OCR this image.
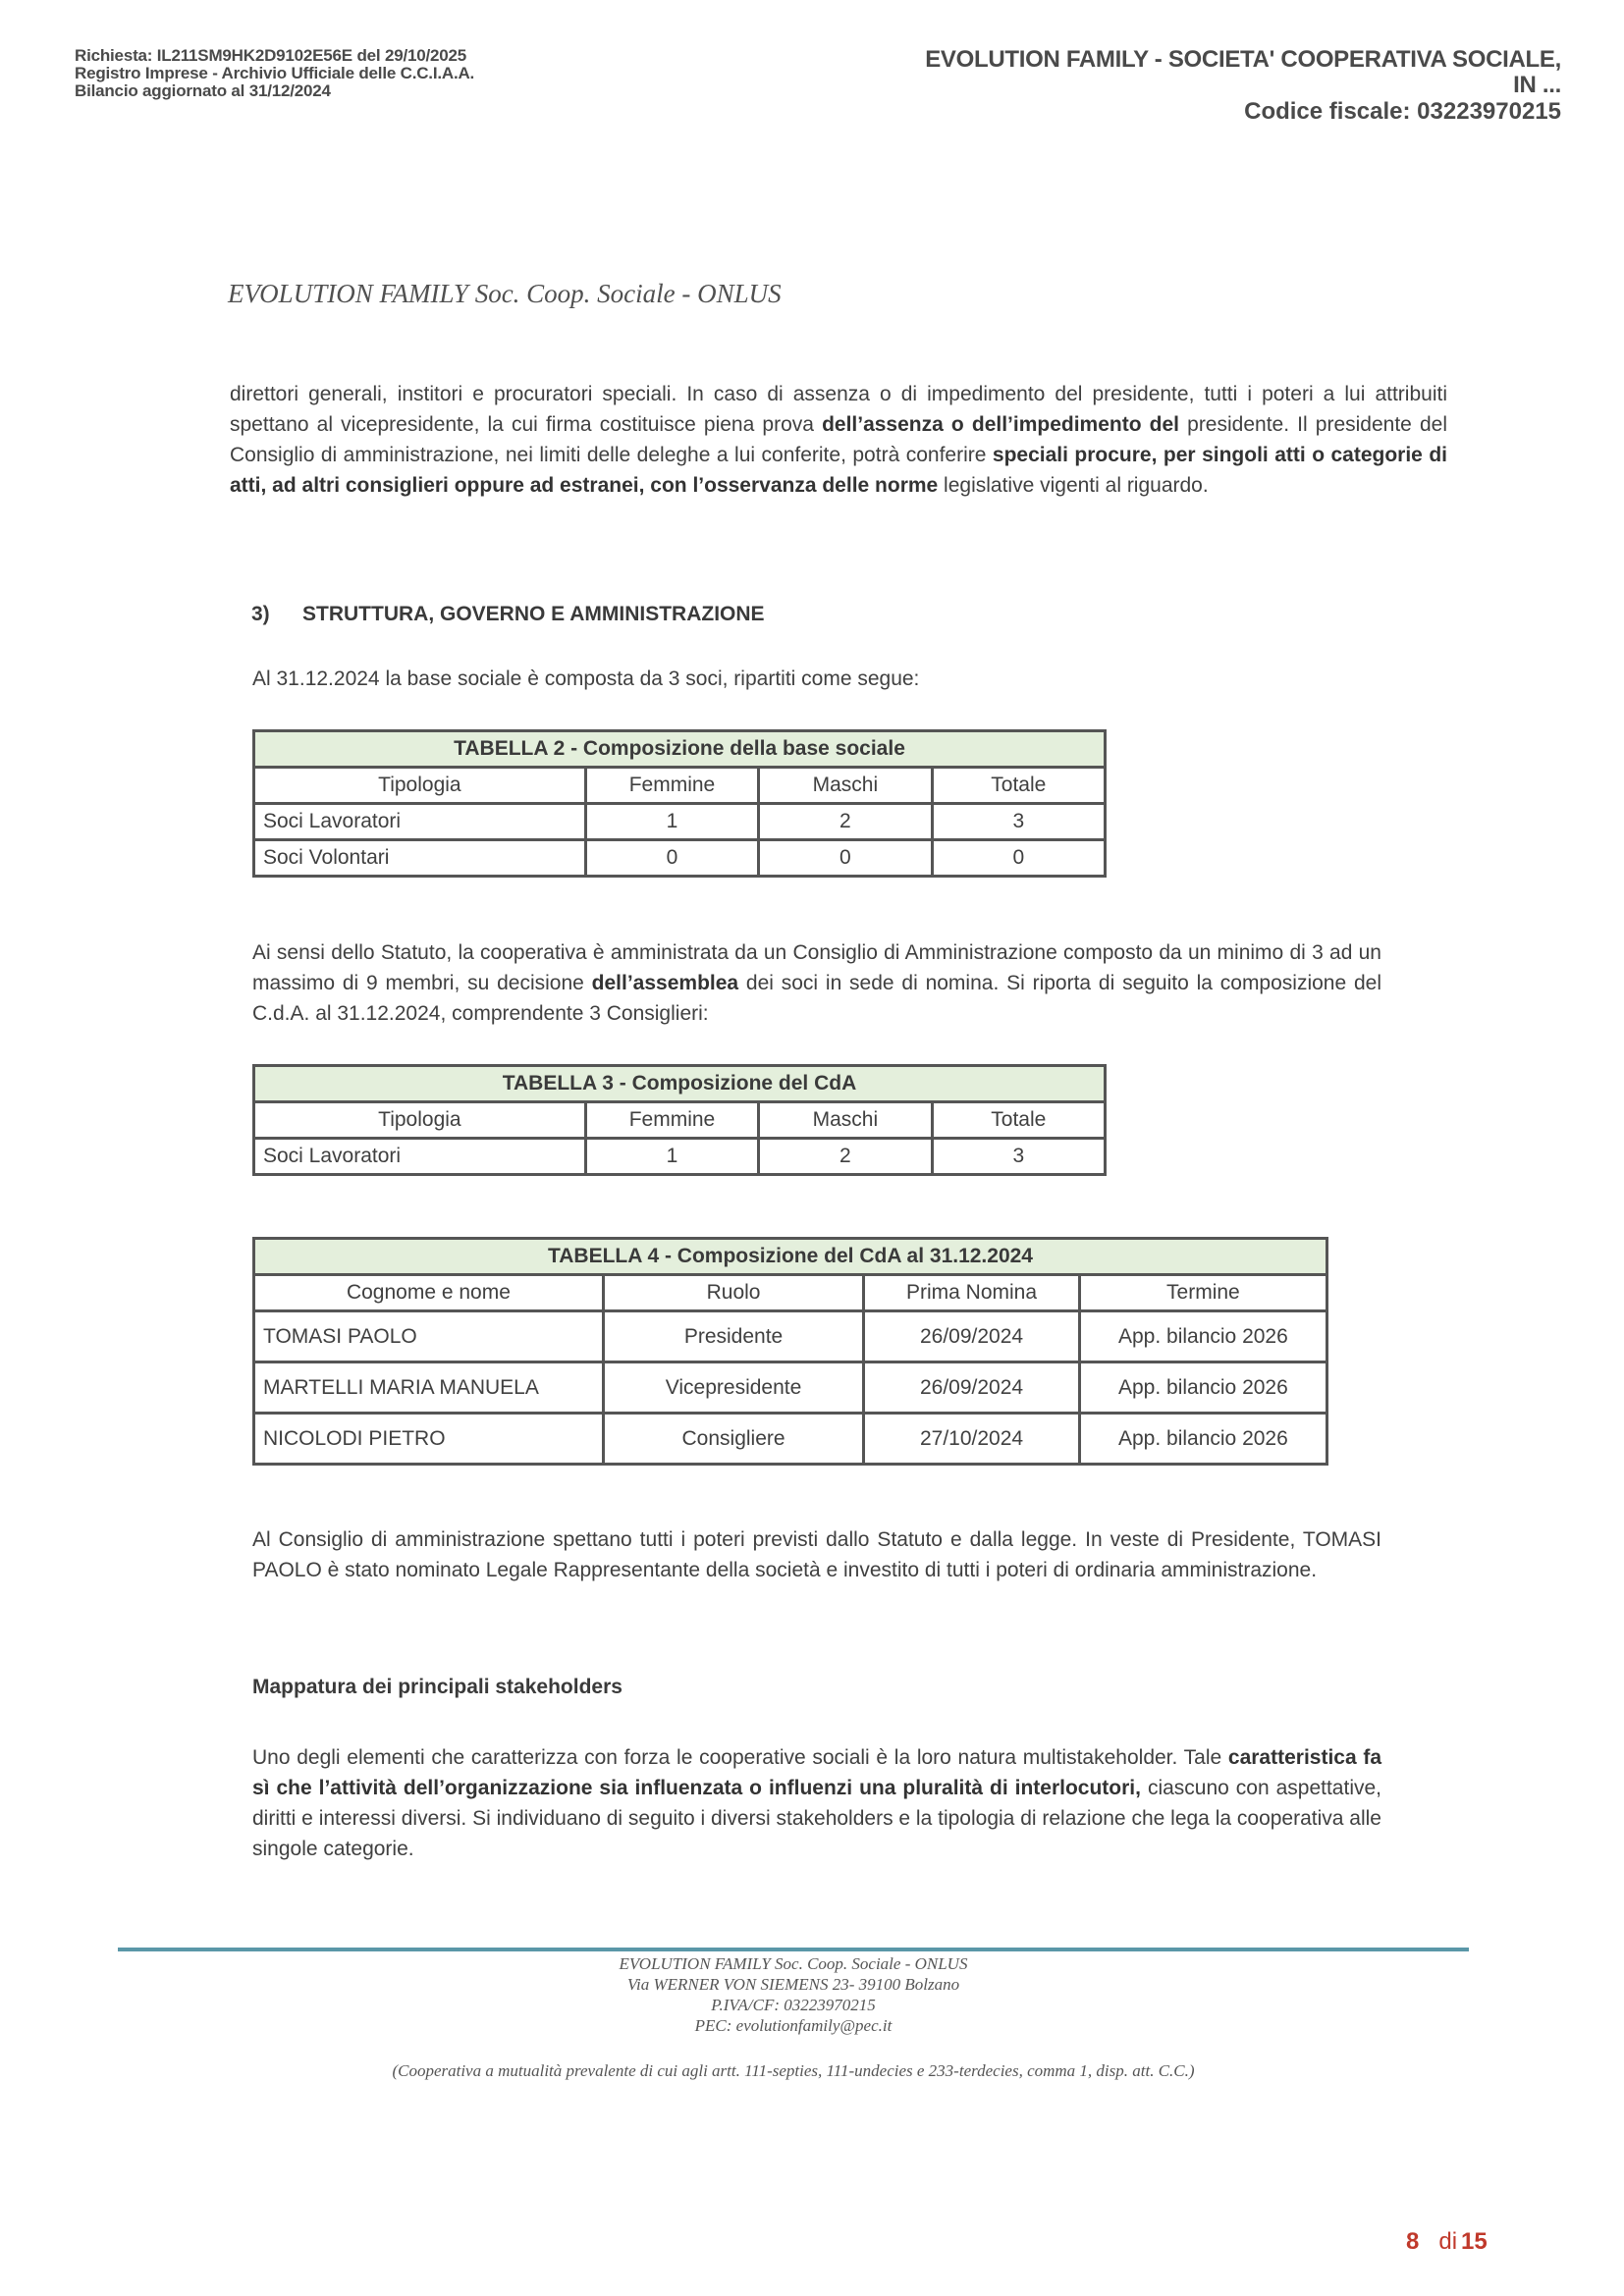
Richiesta: IL211SM9HK2D9102E56E del 29/10/2025
Registro Imprese - Archivio Ufficiale delle C.C.I.A.A.
Bilancio aggiornato al 31/12/2024
EVOLUTION FAMILY - SOCIETA' COOPERATIVA SOCIALE,
IN ...
Codice fiscale: 03223970215
EVOLUTION FAMILY Soc. Coop. Sociale - ONLUS
direttori generali, institori e procuratori speciali. In caso di assenza o di impedimento del presidente, tutti i poteri a lui attribuiti spettano al vicepresidente, la cui firma costituisce piena prova dell’assenza o dell’impedimento del presidente. Il presidente del Consiglio di amministrazione, nei limiti delle deleghe a lui conferite, potrà conferire speciali procure, per singoli atti o categorie di atti, ad altri consiglieri oppure ad estranei, con l’osservanza delle norme legislative vigenti al riguardo.
3) STRUTTURA, GOVERNO E AMMINISTRAZIONE
Al 31.12.2024 la base sociale è composta da 3 soci, ripartiti come segue:
TABELLA 2 - Composizione della base sociale			
Tipologia	Femmine	Maschi	Totale
Soci Lavoratori	1	2	3
Soci Volontari	0	0	0
Ai sensi dello Statuto, la cooperativa è amministrata da un Consiglio di Amministrazione composto da un minimo di 3 ad un massimo di 9 membri, su decisione dell’assemblea dei soci in sede di nomina. Si riporta di seguito la composizione del C.d.A. al 31.12.2024, comprendente 3 Consiglieri:
TABELLA 3 - Composizione del CdA			
Tipologia	Femmine	Maschi	Totale
Soci Lavoratori	1	2	3
TABELLA 4 - Composizione del CdA al 31.12.2024			
Cognome e nome	Ruolo	Prima Nomina	Termine
TOMASI PAOLO	Presidente	26/09/2024	App. bilancio 2026
MARTELLI MARIA MANUELA	Vicepresidente	26/09/2024	App. bilancio 2026
NICOLODI PIETRO	Consigliere	27/10/2024	App. bilancio 2026
Al Consiglio di amministrazione spettano tutti i poteri previsti dallo Statuto e dalla legge. In veste di Presidente, TOMASI PAOLO è stato nominato Legale Rappresentante della società e investito di tutti i poteri di ordinaria amministrazione.
Mappatura dei principali stakeholders
Uno degli elementi che caratterizza con forza le cooperative sociali è la loro natura multistakeholder. Tale caratteristica fa sì che l’attività dell’organizzazione sia influenzata o influenzi una pluralità di interlocutori, ciascuno con aspettative, diritti e interessi diversi. Si individuano di seguito i diversi stakeholders e la tipologia di relazione che lega la cooperativa alle singole categorie.
EVOLUTION FAMILY Soc. Coop. Sociale - ONLUS
Via WERNER VON SIEMENS 23- 39100 Bolzano
P.IVA/CF: 03223970215
PEC: evolutionfamily@pec.it
(Cooperativa a mutualità prevalente di cui agli artt. 111-septies, 111-undecies e 233-terdecies, comma 1, disp. att. C.C.)
8 di 15
